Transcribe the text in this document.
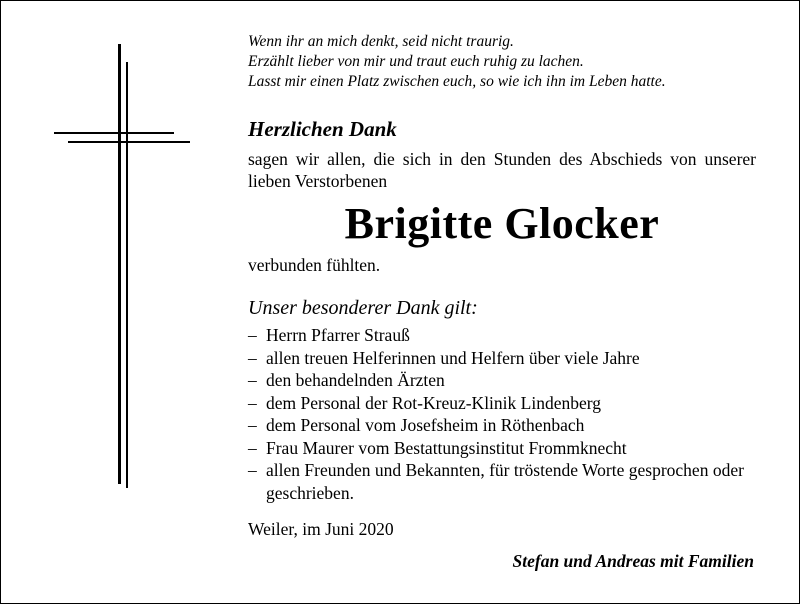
Wenn ihr an mich denkt, seid nicht traurig.
Erzählt lieber von mir und traut euch ruhig zu lachen.
Lasst mir einen Platz zwischen euch, so wie ich ihn im Leben hatte.
Herzlichen Dank
sagen wir allen, die sich in den Stunden des Abschieds von unserer lieben Verstorbenen
Brigitte Glocker
verbunden fühlten.
Unser besonderer Dank gilt:
– Herrn Pfarrer Strauß
– allen treuen Helferinnen und Helfern über viele Jahre
– den behandelnden Ärzten
– dem Personal der Rot-Kreuz-Klinik Lindenberg
– dem Personal vom Josefsheim in Röthenbach
– Frau Maurer vom Bestattungsinstitut Frommknecht
– allen Freunden und Bekannten, für tröstende Worte gesprochen oder geschrieben.
Weiler, im Juni 2020
Stefan und Andreas mit Familien
